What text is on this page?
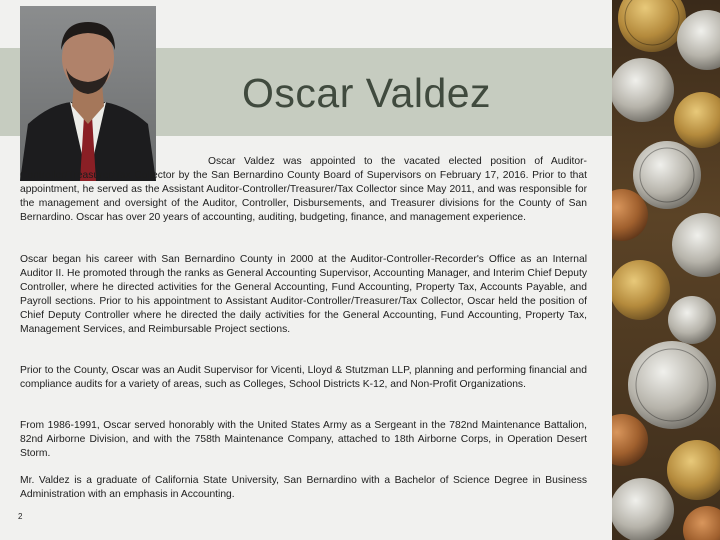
Oscar Valdez

Oscar Valdez was appointed to the vacated elected position of Auditor-Controller/Treasurer/Tax Collector by the San Bernardino County Board of Supervisors on February 17, 2016. Prior to that appointment, he served as the Assistant Auditor-Controller/Treasurer/Tax Collector since May 2011, and was responsible for the management and oversight of the Auditor, Controller, Disbursements, and Treasurer divisions for the County of San Bernardino. Oscar has over 20 years of accounting, auditing, budgeting, finance, and management experience.

Oscar began his career with San Bernardino County in 2000 at the Auditor-Controller-Recorder's Office as an Internal Auditor II. He promoted through the ranks as General Accounting Supervisor, Accounting Manager, and Interim Chief Deputy Controller, where he directed activities for the General Accounting, Fund Accounting, Property Tax, Accounts Payable, and Payroll sections. Prior to his appointment to Assistant Auditor-Controller/Treasurer/Tax Collector, Oscar held the position of Chief Deputy Controller where he directed the daily activities for the General Accounting, Fund Accounting, Property Tax, Management Services, and Reimbursable Project sections.

Prior to the County, Oscar was an Audit Supervisor for Vicenti, Lloyd & Stutzman LLP, planning and performing financial and compliance audits for a variety of areas, such as Colleges, School Districts K-12, and Non-Profit Organizations.

From 1986-1991, Oscar served honorably with the United States Army as a Sergeant in the 782nd Maintenance Battalion, 82nd Airborne Division, and with the 758th Maintenance Company, attached to 18th Airborne Corps, in Operation Desert Storm.

Mr. Valdez is a graduate of California State University, San Bernardino with a Bachelor of Science Degree in Business Administration with an emphasis in Accounting.

2
